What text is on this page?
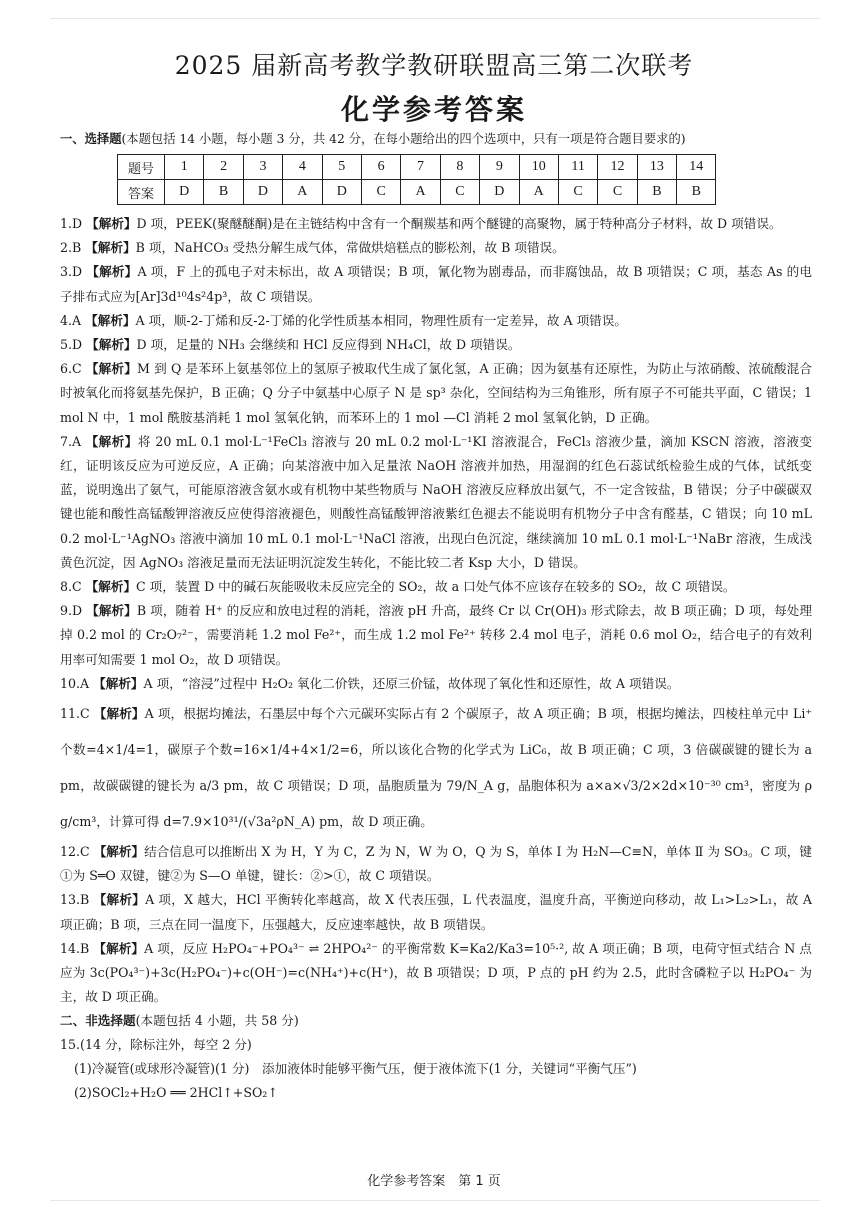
2025 届新高考教学教研联盟高三第二次联考
化学参考答案
一、选择题(本题包括 14 小题，每小题 3 分，共 42 分，在每小题给出的四个选项中，只有一项是符合题目要求的)
题号	1	2	3	4	5	6	7	8	9	10	11	12	13	14
答案	D	B	D	A	D	C	A	C	D	A	C	C	B	B
1.D 【解析】D 项，PEEK(聚醚醚酮)是在主链结构中含有一个酮羰基和两个醚键的高聚物，属于特种高分子材料，故 D 项错误。
2.B 【解析】B 项，NaHCO₃ 受热分解生成气体，常做烘焙糕点的膨松剂，故 B 项错误。
3.D 【解析】A 项，F 上的孤电子对未标出，故 A 项错误；B 项，氰化物为剧毒品，而非腐蚀品，故 B 项错误；C 项，基态 As 的电子排布式应为[Ar]3d¹⁰4s²4p³，故 C 项错误。
4.A 【解析】A 项，顺-2-丁烯和反-2-丁烯的化学性质基本相同，物理性质有一定差异，故 A 项错误。
5.D 【解析】D 项，足量的 NH₃ 会继续和 HCl 反应得到 NH₄Cl，故 D 项错误。
6.C 【解析】M 到 Q 是苯环上氨基邻位上的氢原子被取代生成了氯化氢，A 正确；因为氨基有还原性，为防止与浓硝酸、浓硫酸混合时被氧化而将氨基先保护，B 正确；Q 分子中氨基中心原子 N 是 sp³ 杂化，空间结构为三角锥形，所有原子不可能共平面，C 错误；1 mol N 中，1 mol 酰胺基消耗 1 mol 氢氧化钠，而苯环上的 1 mol —Cl 消耗 2 mol 氢氧化钠，D 正确。
7.A 【解析】将 20 mL 0.1 mol·L⁻¹FeCl₃ 溶液与 20 mL 0.2 mol·L⁻¹KI 溶液混合，FeCl₃ 溶液少量，滴加 KSCN 溶液，溶液变红，证明该反应为可逆反应，A 正确；向某溶液中加入足量浓 NaOH 溶液并加热，用湿润的红色石蕊试纸检验生成的气体，试纸变蓝，说明逸出了氨气，可能原溶液含氨水或有机物中某些物质与 NaOH 溶液反应释放出氨气，不一定含铵盐，B 错误；分子中碳碳双键也能和酸性高锰酸钾溶液反应使得溶液褪色，则酸性高锰酸钾溶液紫红色褪去不能说明有机物分子中含有醛基，C 错误；向 10 mL 0.2 mol·L⁻¹AgNO₃ 溶液中滴加 10 mL 0.1 mol·L⁻¹NaCl 溶液，出现白色沉淀，继续滴加 10 mL 0.1 mol·L⁻¹NaBr 溶液，生成浅黄色沉淀，因 AgNO₃ 溶液足量而无法证明沉淀发生转化，不能比较二者 Ksp 大小，D 错误。
8.C 【解析】C 项，装置 D 中的碱石灰能吸收未反应完全的 SO₂，故 a 口处气体不应该存在较多的 SO₂，故 C 项错误。
9.D 【解析】B 项，随着 H⁺ 的反应和放电过程的消耗，溶液 pH 升高，最终 Cr 以 Cr(OH)₃ 形式除去，故 B 项正确；D 项，每处理掉 0.2 mol 的 Cr₂O₇²⁻，需要消耗 1.2 mol Fe²⁺，而生成 1.2 mol Fe²⁺ 转移 2.4 mol 电子，消耗 0.6 mol O₂，结合电子的有效利用率可知需要 1 mol O₂，故 D 项错误。
10.A 【解析】A 项，“溶浸”过程中 H₂O₂ 氧化二价铁，还原三价锰，故体现了氧化性和还原性，故 A 项错误。
11.C 【解析】A 项，根据均摊法，石墨层中每个六元碳环实际占有 2 个碳原子，故 A 项正确；B 项，根据均摊法，四棱柱单元中 Li⁺ 个数=4×1/4=1，碳原子个数=16×1/4+4×1/2=6，所以该化合物的化学式为 LiC₆，故 B 项正确；C 项，3 倍碳碳键的键长为 a pm，故碳碳键的键长为 a/3 pm，故 C 项错误；D 项，晶胞质量为 79/N_A g，晶胞体积为 a×a×√3/2×2d×10⁻³⁰ cm³，密度为 ρ g/cm³，计算可得 d=7.9×10³¹/(√3a²ρN_A) pm，故 D 项正确。
12.C 【解析】结合信息可以推断出 X 为 H，Y 为 C，Z 为 N，W 为 O，Q 为 S，单体 Ⅰ 为 H₂N—C≡N，单体 Ⅱ 为 SO₃。C 项，键①为 S═O 双键，键②为 S—O 单键，键长：②>①，故 C 项错误。
13.B 【解析】A 项，X 越大，HCl 平衡转化率越高，故 X 代表压强，L 代表温度，温度升高，平衡逆向移动，故 L₁>L₂>L₁，故 A 项正确；B 项，三点在同一温度下，压强越大，反应速率越快，故 B 项错误。
14.B 【解析】A 项，反应 H₂PO₄⁻+PO₄³⁻ ⇌ 2HPO₄²⁻ 的平衡常数 K=Ka2/Ka3=10⁵·², 故 A 项正确；B 项，电荷守恒式结合 N 点应为 3c(PO₄³⁻)+3c(H₂PO₄⁻)+c(OH⁻)=c(NH₄⁺)+c(H⁺)，故 B 项错误；D 项，P 点的 pH 约为 2.5，此时含磷粒子以 H₂PO₄⁻ 为主，故 D 项正确。
二、非选择题(本题包括 4 小题，共 58 分)
15.(14 分，除标注外，每空 2 分)
(1)冷凝管(或球形冷凝管)(1 分)　添加液体时能够平衡气压，便于液体流下(1 分，关键词“平衡气压”)
(2)SOCl₂+H₂O ══ 2HCl↑+SO₂↑
化学参考答案　第 1 页
